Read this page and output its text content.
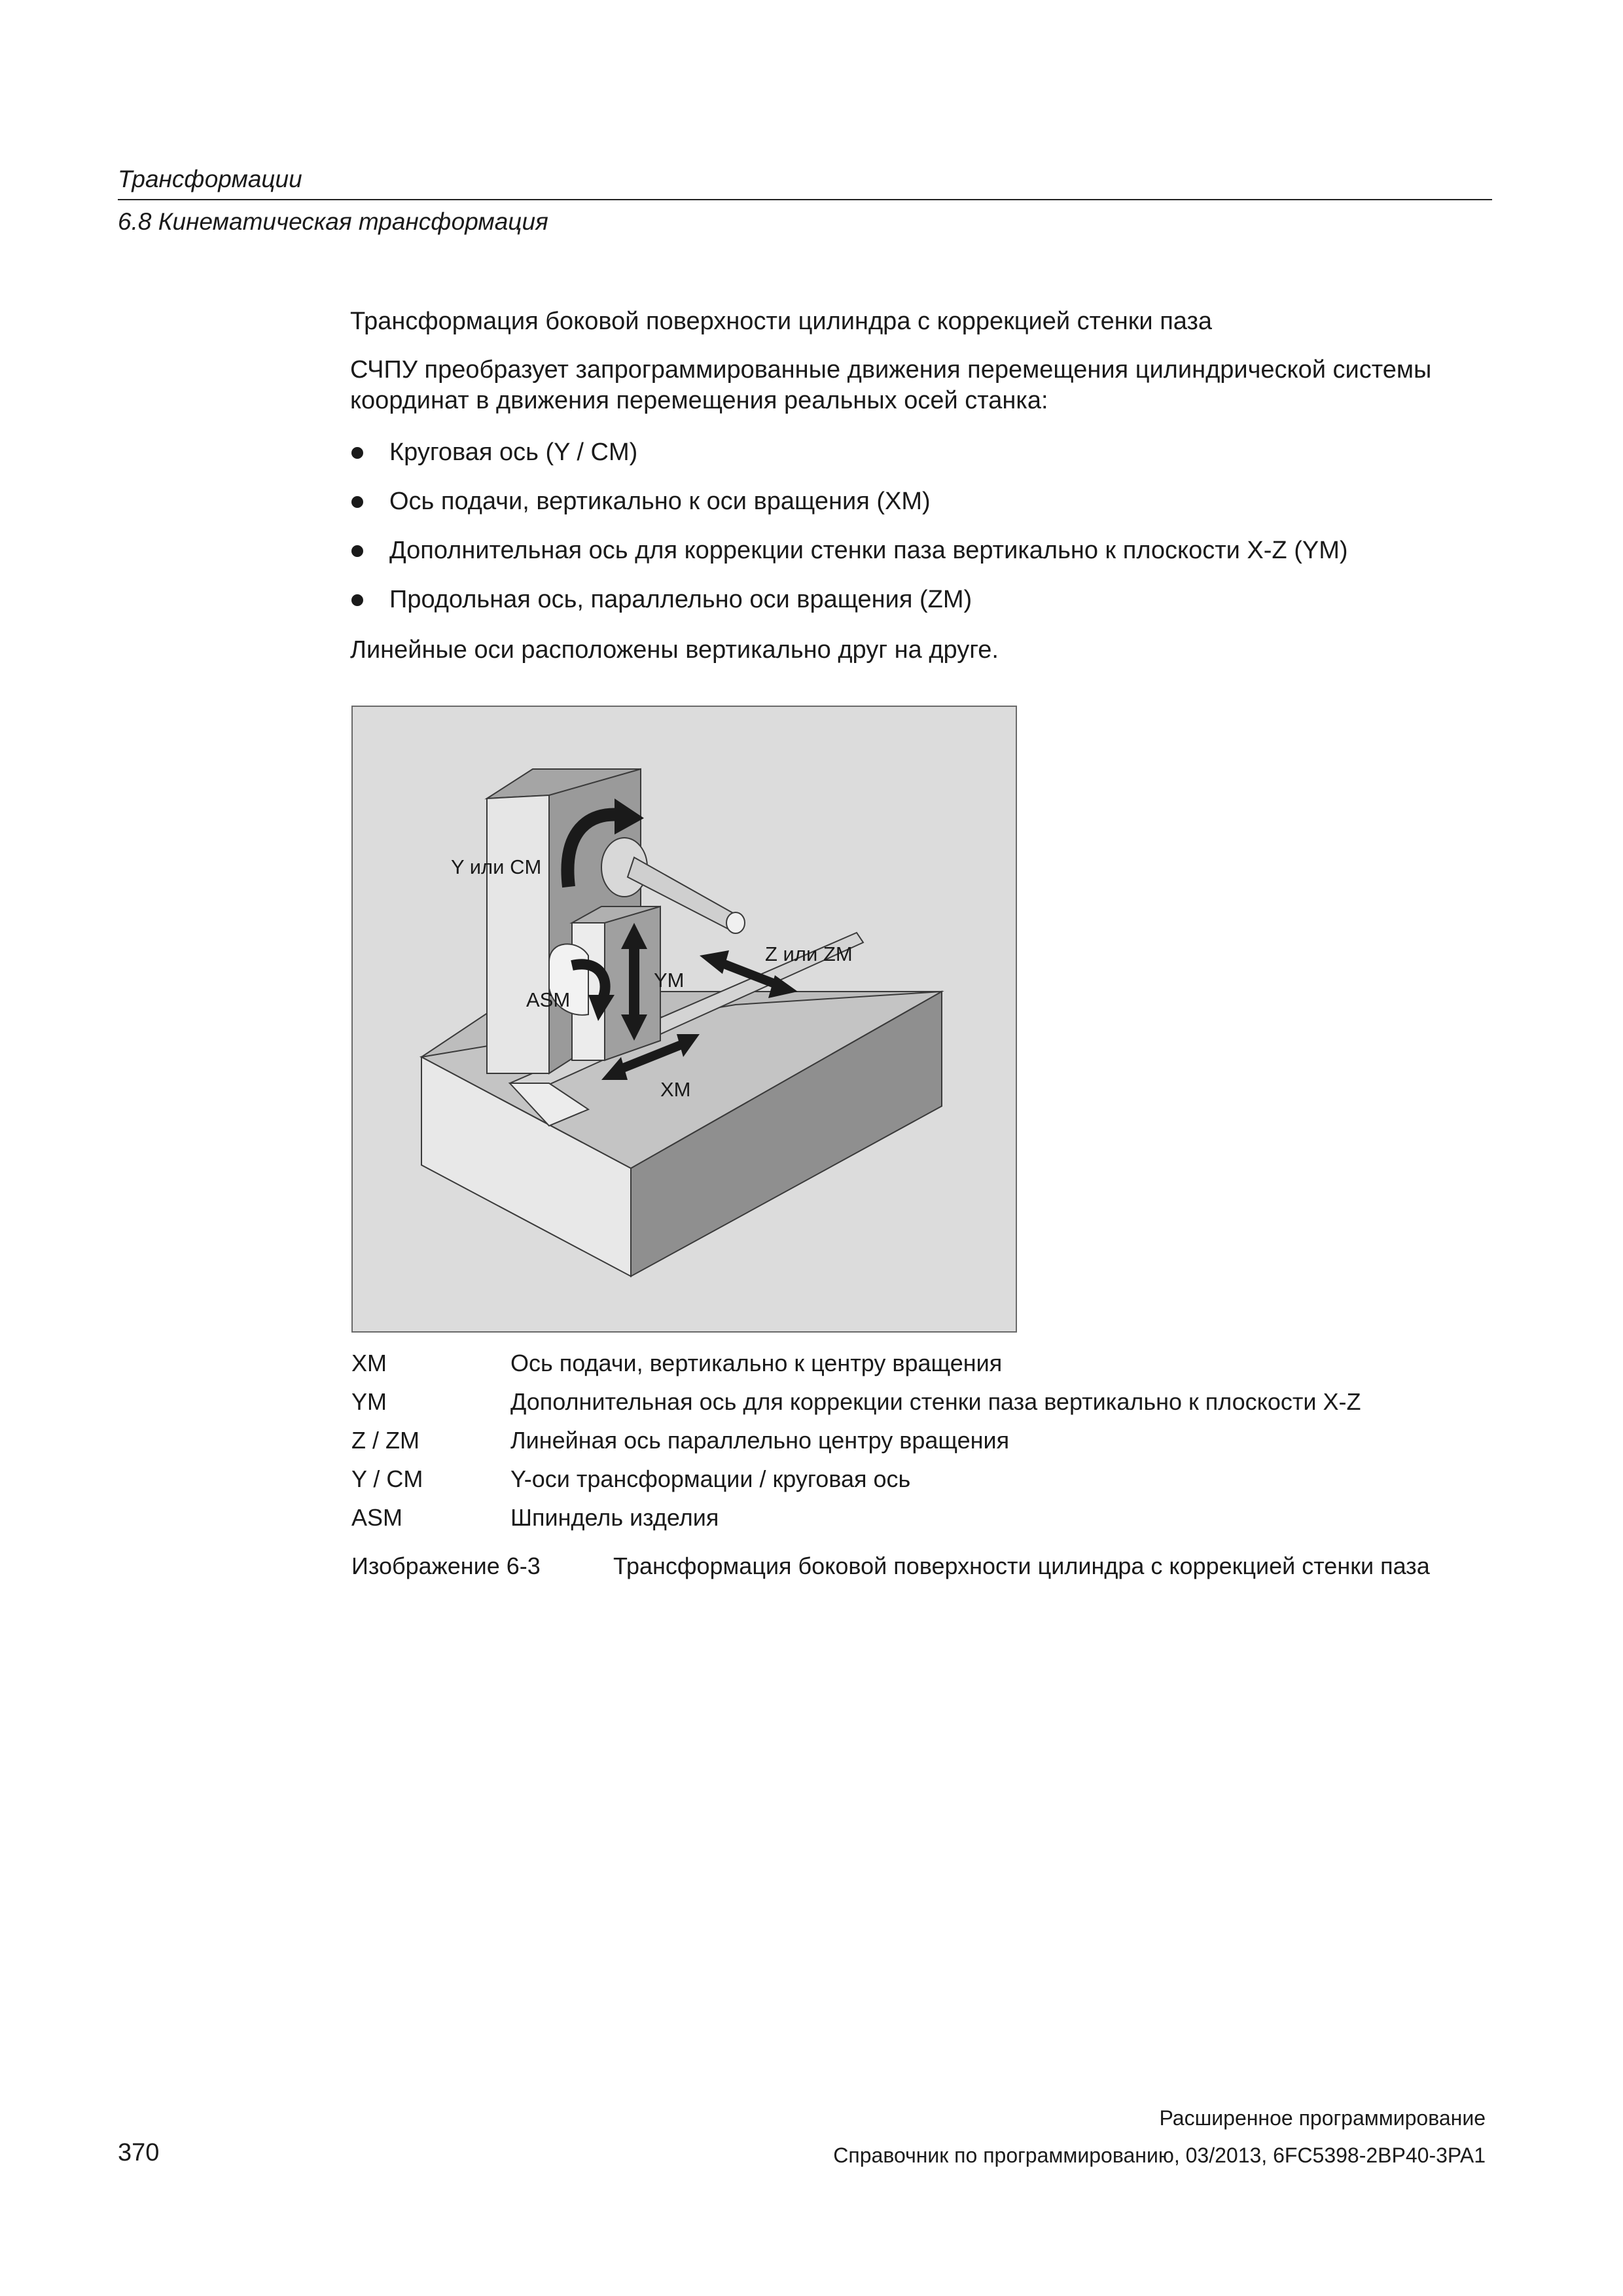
Трансформации
6.8 Кинематическая трансформация
Трансформация боковой поверхности цилиндра с коррекцией стенки паза
СЧПУ преобразует запрограммированные движения перемещения цилиндрической системы координат в движения перемещения реальных осей станка:
Круговая ось (Y / CM)
Ось подачи, вертикально к оси вращения (XM)
Дополнительная ось для коррекции стенки паза вертикально к плоскости X-Z (YM)
Продольная ось, параллельно оси вращения (ZM)
Линейные оси расположены вертикально друг на друге.
Y или CM
YM
Z или ZM
ASM
XM
XM	Ось подачи, вертикально к центру вращения
YM	Дополнительная ось для коррекции стенки паза вертикально к плоскости X-Z
Z / ZM	Линейная ось параллельно центру вращения
Y / CM	Y-оси трансформации / круговая ось
ASM	Шпиндель изделия
Изображение 6-3	Трансформация боковой поверхности цилиндра с коррекцией стенки паза
Расширенное программирование
370	Справочник по программированию, 03/2013, 6FC5398-2BP40-3PA1
